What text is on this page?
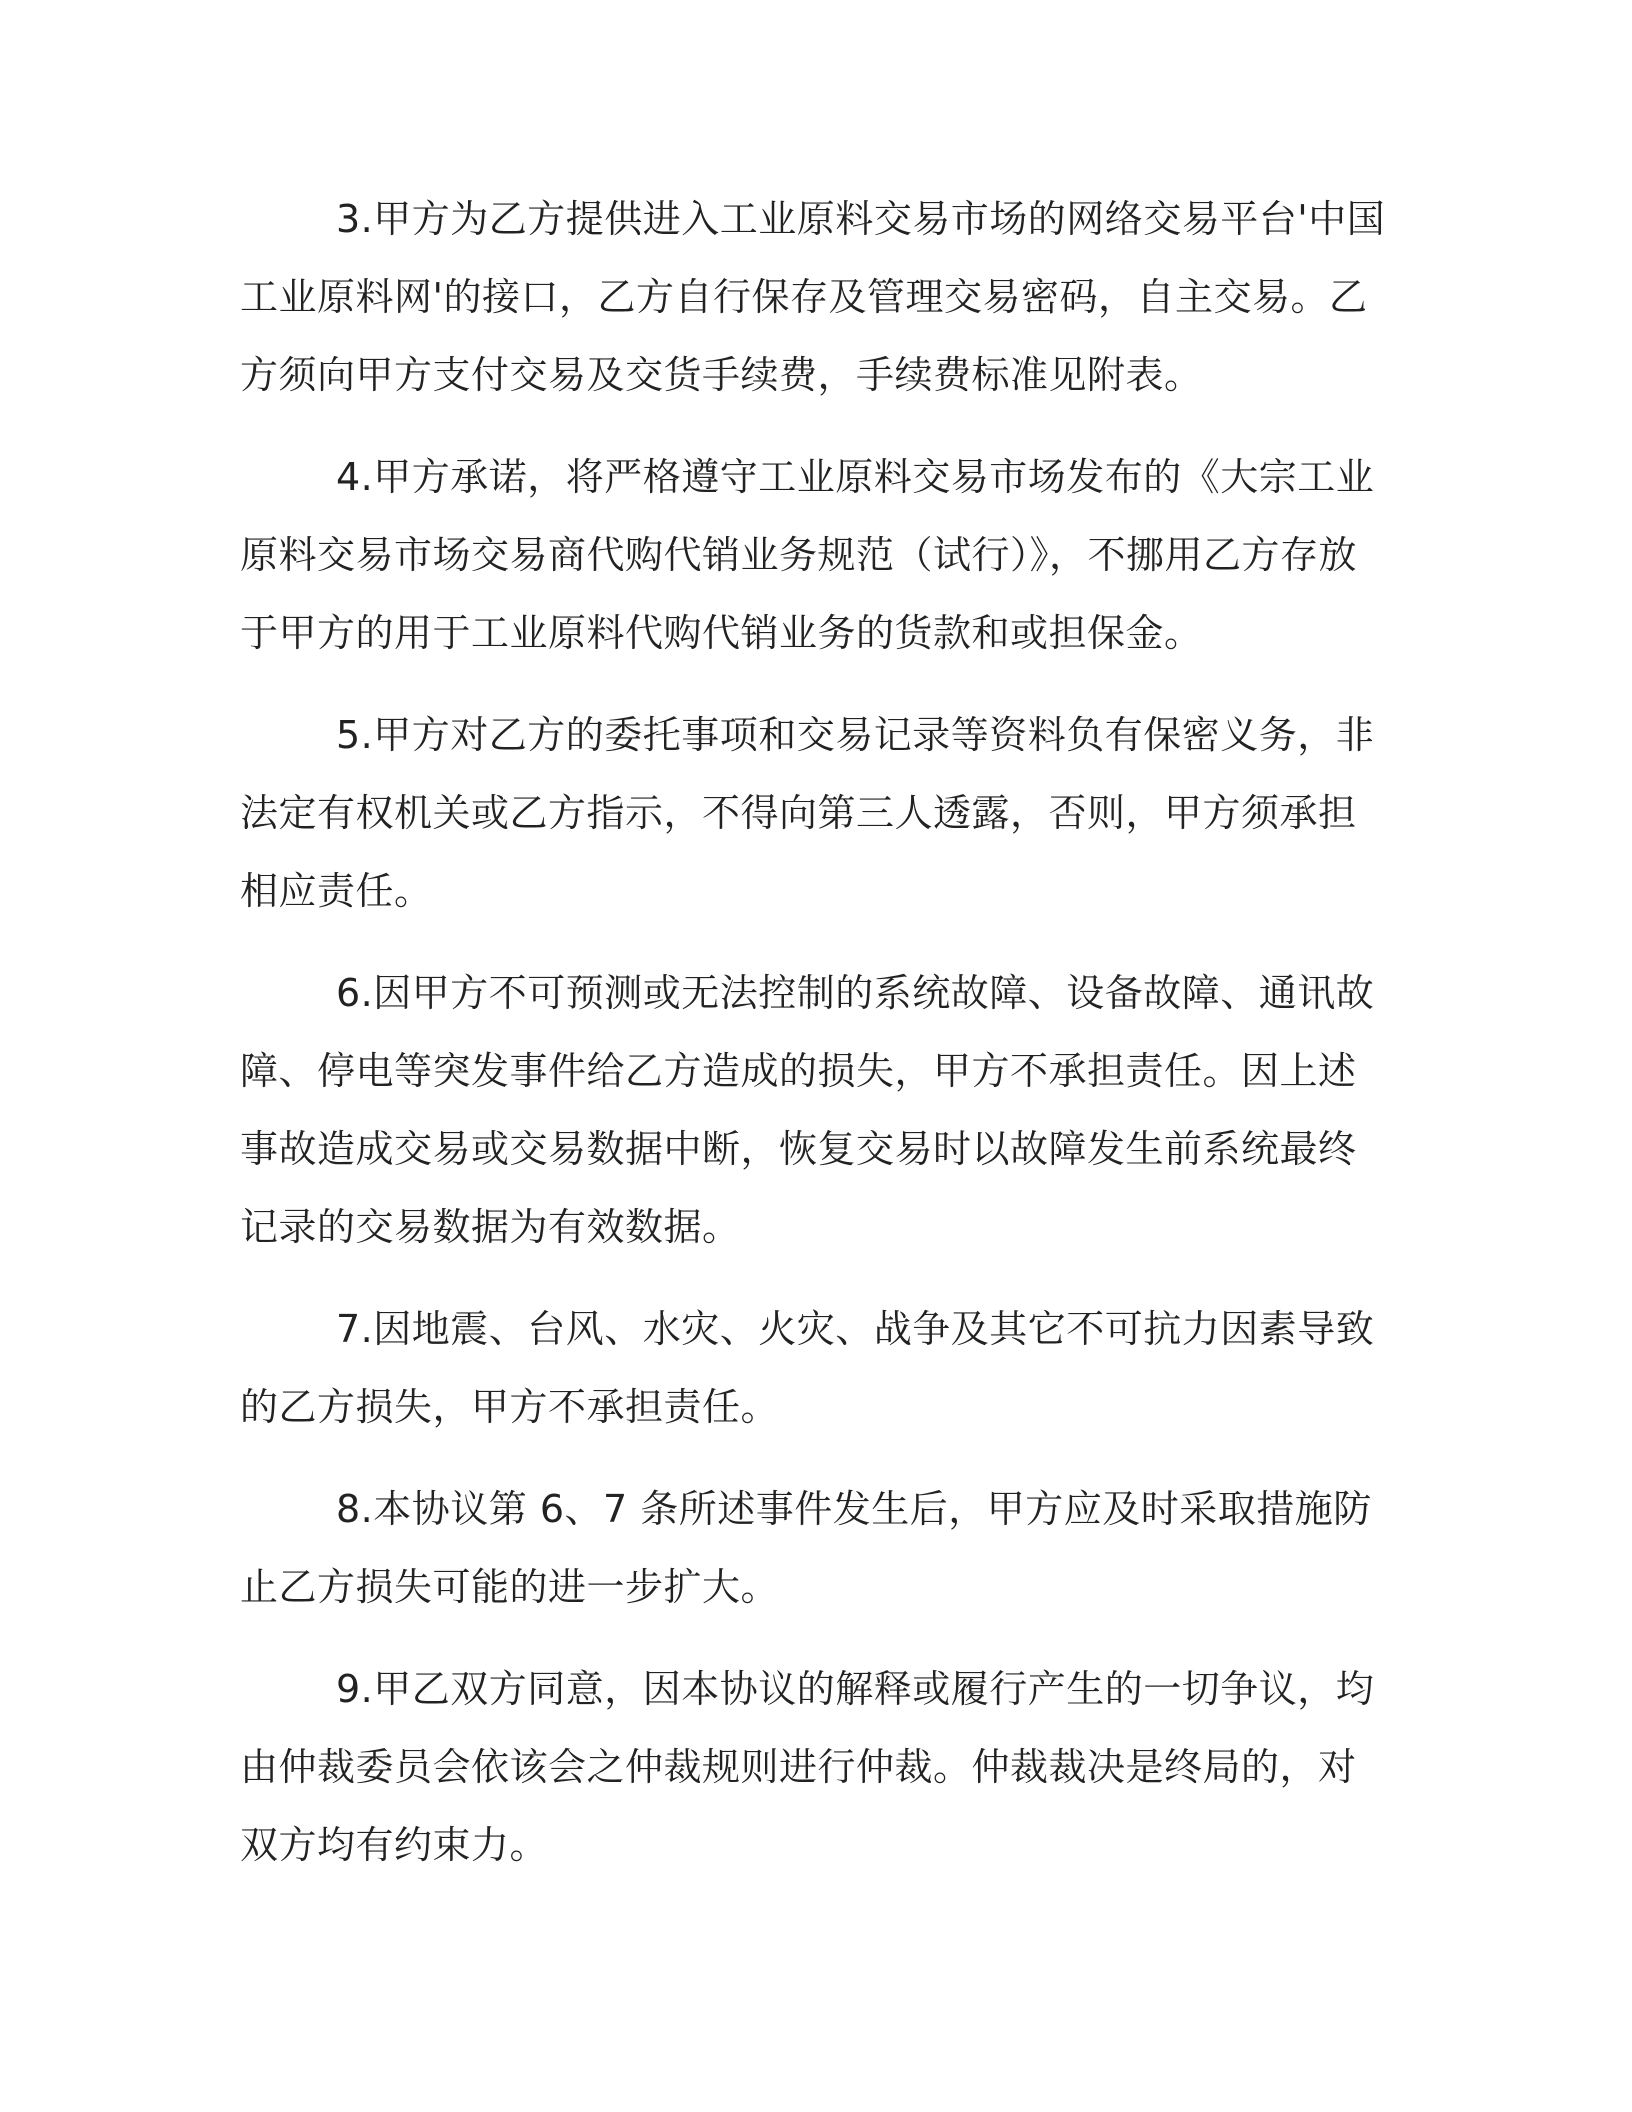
3.甲方为乙方提供进入工业原料交易市场的网络交易平台'中国工业原料网'的接口，乙方自行保存及管理交易密码，自主交易。乙方须向甲方支付交易及交货手续费，手续费标准见附表。

4.甲方承诺，将严格遵守工业原料交易市场发布的《大宗工业原料交易市场交易商代购代销业务规范（试行）》，不挪用乙方存放于甲方的用于工业原料代购代销业务的货款和或担保金。

5.甲方对乙方的委托事项和交易记录等资料负有保密义务，非法定有权机关或乙方指示，不得向第三人透露，否则，甲方须承担相应责任。

6.因甲方不可预测或无法控制的系统故障、设备故障、通讯故障、停电等突发事件给乙方造成的损失，甲方不承担责任。因上述事故造成交易或交易数据中断，恢复交易时以故障发生前系统最终记录的交易数据为有效数据。

7.因地震、台风、水灾、火灾、战争及其它不可抗力因素导致的乙方损失，甲方不承担责任。

8.本协议第 6、7 条所述事件发生后，甲方应及时采取措施防止乙方损失可能的进一步扩大。

9.甲乙双方同意，因本协议的解释或履行产生的一切争议，均由仲裁委员会依该会之仲裁规则进行仲裁。仲裁裁决是终局的，对双方均有约束力。
